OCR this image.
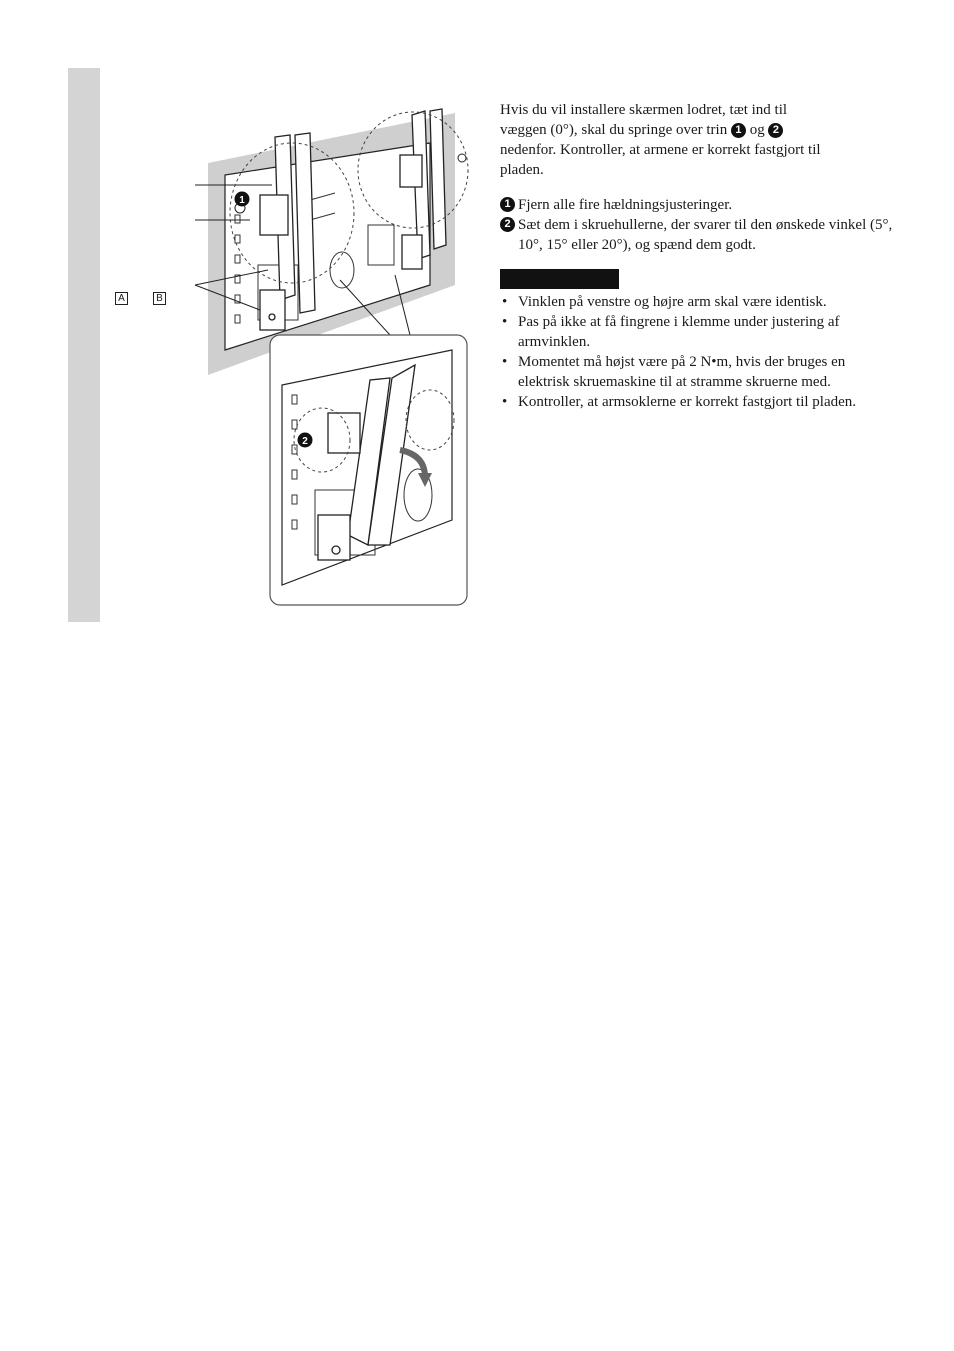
1
2
A	B

Hvis du vil installere skærmen lodret, tæt ind til

væggen (0°), skal du springe over trin 1 og 2

nedenfor. Kontroller, at armene er korrekt fastgjort til

pladen.

1 Fjern alle fire hældningsjusteringer.
2 Sæt dem i skruehullerne, der svarer til den ønskede vinkel (5°, 10°, 15° eller 20°), og spænd dem godt.
• Vinklen på venstre og højre arm skal være identisk.
• Pas på ikke at få fingrene i klemme under justering af armvinklen.
• Momentet må højst være på 2 N•m, hvis der bruges en elektrisk skruemaskine til at stramme skruerne med.
• Kontroller, at armsoklerne er korrekt fastgjort til pladen.
